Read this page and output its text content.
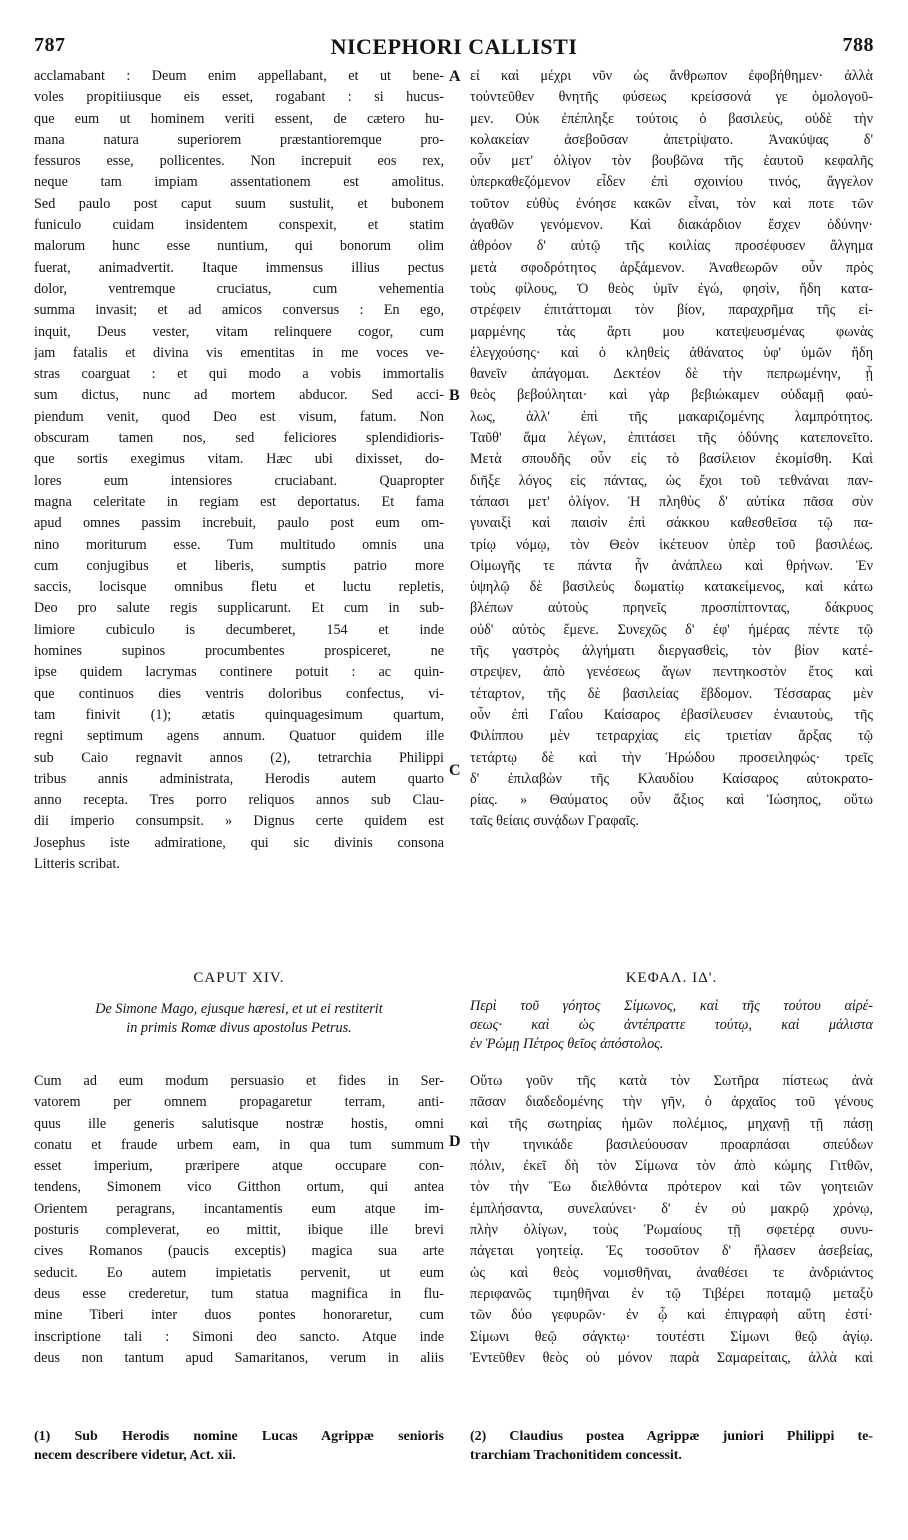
787	NICEPHORI CALLISTI	788
A
B
C
D
acclamabant : Deum enim appellabant, et ut bene-
voles propitiiusque eis esset, rogabant : si hucus-
que eum ut hominem veriti essent, de cætero hu-
mana natura superiorem præstantioremque pro-
fessuros esse, pollicentes. Non increpuit eos rex,
neque tam impiam assentationem est amolitus.
Sed paulo post caput suum sustulit, et bubonem
funiculo cuidam insidentem conspexit, et statim
malorum hunc esse nuntium, qui bonorum olim
fuerat, animadvertit. Itaque immensus illius pectus
dolor, ventremque cruciatus, cum vehementia
summa invasit; et ad amicos conversus : En ego,
inquit, Deus vester, vitam relinquere cogor, cum
jam fatalis et divina vis ementitas in me voces ve-
stras coarguat : et qui modo a vobis immortalis
sum dictus, nunc ad mortem abducor. Sed acci-
piendum venit, quod Deo est visum, fatum. Non
obscuram tamen nos, sed feliciores splendidioris-
que sortis exegimus vitam. Hæc ubi dixisset, do-
lores eum intensiores cruciabant. Quapropter
magna celeritate in regiam est deportatus. Et fama
apud omnes passim increbuit, paulo post eum om-
nino moriturum esse. Tum multitudo omnis una
cum conjugibus et liberis, sumptis patrio more
saccis, locisque omnibus fletu et luctu repletis,
Deo pro salute regis supplicarunt. Et cum in sub-
limiore cubiculo is decumberet, 154 et inde
homines supinos procumbentes prospiceret, ne
ipse quidem lacrymas continere potuit : ac quin-
que continuos dies ventris doloribus confectus, vi-
tam finivit (1); ætatis quinquagesimum quartum,
regni septimum agens annum. Quatuor quidem ille
sub Caio regnavit annos (2), tetrarchia Philippi
tribus annis administrata, Herodis autem quarto
anno recepta. Tres porro reliquos annos sub Clau-
dii imperio consumpsit. » Dignus certe quidem est
Josephus iste admiratione, qui sic divinis consona
Litteris scribat.
CAPUT XIV.
De Simone Mago, ejusque hæresi, et ut ei restiterit
in primis Romæ divus apostolus Petrus.
Cum ad eum modum persuasio et fides in Ser-
vatorem per omnem propagaretur terram, anti-
quus ille generis salutisque nostræ hostis, omni
conatu et fraude urbem eam, in qua tum summum
esset imperium, præripere atque occupare con-
tendens, Simonem vico Gitthon ortum, qui antea
Orientem peragrans, incantamentis eum atque im-
posturis compleverat, eo mittit, ibique ille brevi
cives Romanos (paucis exceptis) magica sua arte
seducit. Eo autem impietatis pervenit, ut eum
deus esse crederetur, tum statua magnifica in flu-
mine Tiberi inter duos pontes honoraretur, cum
inscriptione tali : Simoni deo sancto. Atque inde
deus non tantum apud Samaritanos, verum in aliis
(1) Sub Herodis nomine Lucas Agrippæ senioris
necem describere videtur, Act. xii.
εἰ καὶ μέχρι νῦν ὡς ἄνθρωπον ἐφοβήθημεν· ἀλλὰ
τοὐντεῦθεν θνητῆς φύσεως κρείσσονά γε ὁμολογοῦ-
μεν. Οὐκ ἐπέπληξε τούτοις ὁ βασιλεὺς, οὐδὲ τὴν
κολακείαν ἀσεβοῦσαν ἀπετρίψατο. Ἀνακύψας δ'
οὖν μετ' ὀλίγον τὸν βουβῶνα τῆς ἑαυτοῦ κεφαλῆς
ὑπερκαθεζόμενον εἶδεν ἐπὶ σχοινίου τινός, ἄγγελον
τοῦτον εὐθὺς ἐνόησε κακῶν εἶναι, τὸν καὶ ποτε τῶν
ἀγαθῶν γενόμενον. Καὶ διακάρδιον ἔσχεν ὀδύνην·
ἀθρόον δ' αὐτῷ τῆς κοιλίας προσέφυσεν ἄλγημα
μετὰ σφοδρότητος ἀρξάμενον. Ἀναθεωρῶν οὖν πρὸς
τοὺς φίλους, Ὁ θεὸς ὑμῖν ἐγώ, φησὶν, ἤδη κατα-
στρέφειν ἐπιτάττομαι τὸν βίον, παραχρῆμα τῆς εἰ-
μαρμένης τὰς ἄρτι μου κατεψευσμένας φωνὰς
ἐλεγχούσης· καὶ ὁ κληθεὶς ἀθάνατος ὑφ' ὑμῶν ἤδη
θανεῖν ἀπάγομαι. Δεκτέον δὲ τὴν πεπρωμένην, ᾗ
θεὸς βεβούληται· καὶ γὰρ βεβιώκαμεν οὐδαμῇ φαύ-
λως, ἀλλ' ἐπὶ τῆς μακαριζομένης λαμπρότητος.
Ταῦθ' ἅμα λέγων, ἐπιτάσει τῆς ὀδύνης κατεπονεῖτο.
Μετὰ σπουδῆς οὖν εἰς τὸ βασίλειον ἐκομίσθη. Καὶ
διῆξε λόγος εἰς πάντας, ὡς ἔχοι τοῦ τεθνάναι παν-
τάπασι μετ' ὀλίγον. Ἡ πληθὺς δ' αὐτίκα πᾶσα σὺν
γυναιξὶ καὶ παισὶν ἐπὶ σάκκου καθεσθεῖσα τῷ πα-
τρίῳ νόμῳ, τὸν Θεὸν ἱκέτευον ὑπὲρ τοῦ βασιλέως.
Οἰμωγῆς τε πάντα ἦν ἀνάπλεω καὶ θρήνων. Ἐν
ὑψηλῷ δὲ βασιλεὺς δωματίῳ κατακείμενος, καὶ κάτω
βλέπων αὐτοὺς πρηνεῖς προσπίπτοντας, δάκρυος
οὐδ' αὐτὸς ἔμενε. Συνεχῶς δ' ἐφ' ἡμέρας πέντε τῷ
τῆς γαστρὸς ἀλγήματι διεργασθεὶς, τὸν βίον κατέ-
στρεψεν, ἀπὸ γενέσεως ἄγων πεντηκοστὸν ἔτος καὶ
τέταρτον, τῆς δὲ βασιλείας ἕβδομον. Τέσσαρας μὲν
οὖν ἐπὶ Γαΐου Καίσαρος ἐβασίλευσεν ἐνιαυτοὺς, τῆς
Φιλίππου μὲν τετραρχίας εἰς τριετίαν ἄρξας τῷ
τετάρτῳ δὲ καὶ τὴν Ἡρώδου προσειληφώς· τρεῖς
δ' ἐπιλαβὼν τῆς Κλαυδίου Καίσαρος αὐτοκρατο-
ρίας. » Θαύματος οὖν ἄξιος καὶ Ἰώσηπος, οὕτω
ταῖς θείαις συνᾴδων Γραφαῖς.
ΚΕΦΑΛ. ΙΔ'.
Περὶ τοῦ γόητος Σίμωνος, καὶ τῆς τούτου αἱρέ-
σεως· καὶ ὡς ἀντέπραττε τούτῳ, καὶ μάλιστα
ἐν Ῥώμῃ Πέτρος θεῖος ἀπόστολος.
Οὕτω γοῦν τῆς κατὰ τὸν Σωτῆρα πίστεως ἀνὰ
πᾶσαν διαδεδομένης τὴν γῆν, ὁ ἀρχαῖος τοῦ γένους
καὶ τῆς σωτηρίας ἡμῶν πολέμιος, μηχανῇ τῇ πάσῃ
τὴν τηνικάδε βασιλεύουσαν προαρπάσαι σπεύδων
πόλιν, ἐκεῖ δὴ τὸν Σίμωνα τὸν ἀπὸ κώμης Γιτθῶν,
τὸν τὴν Ἕω διελθόντα πρότερον καὶ τῶν γοητειῶν
ἐμπλήσαντα, συνελαύνει· δ' ἐν οὐ μακρῷ χρόνῳ,
πλὴν ὀλίγων, τοὺς Ῥωμαίους τῇ σφετέρᾳ συνυ-
πάγεται γοητείᾳ. Ἐς τοσοῦτον δ' ἤλασεν ἀσεβείας,
ὡς καὶ θεὸς νομισθῆναι, ἀναθέσει τε ἀνδριάντος
περιφανῶς τιμηθῆναι ἐν τῷ Τιβέρει ποταμῷ μεταξὺ
τῶν δύο γεφυρῶν· ἐν ᾧ καὶ ἐπιγραφὴ αὕτη ἐστί·
Σίμωνι θεῷ σάγκτῳ· τουτέστι Σίμωνι θεῷ ἁγίῳ.
Ἐντεῦθεν θεὸς οὐ μόνον παρὰ Σαμαρείταις, ἀλλὰ καὶ
(2) Claudius postea Agrippæ juniori Philippi te-
trarchiam Trachonitidem concessit.
